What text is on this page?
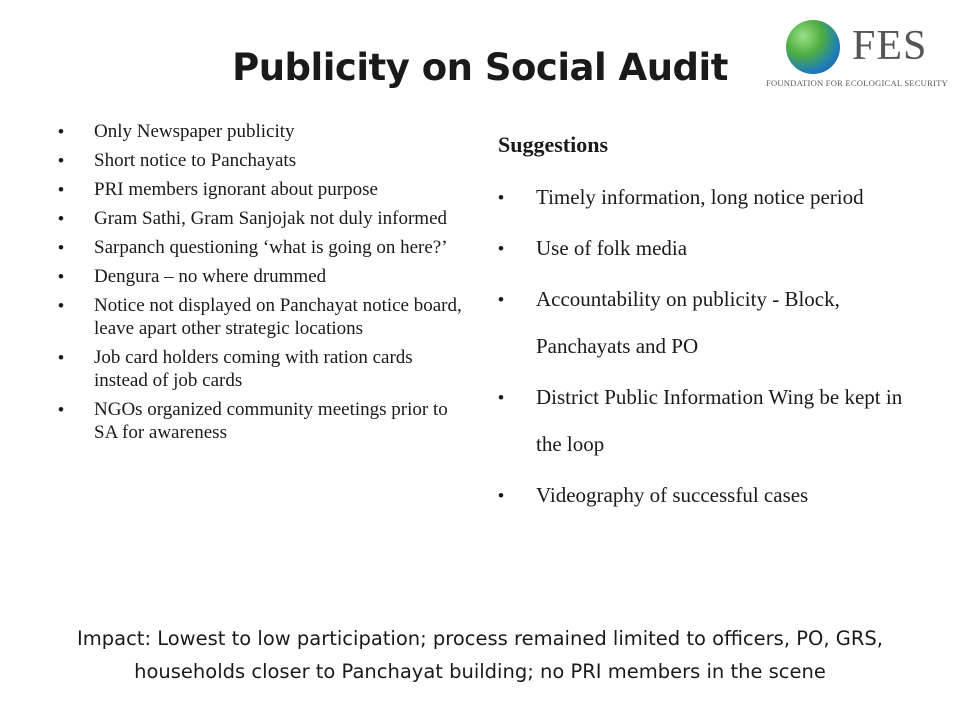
Publicity on Social Audit	FES
FOUNDATION FOR ECOLOGICAL SECURITY
• Only Newspaper publicity
• Short notice to Panchayats
• PRI members ignorant about purpose
• Gram Sathi, Gram Sanjojak not duly informed
• Sarpanch questioning ‘what is going on here?’
• Dengura – no where drummed
• Notice not displayed on Panchayat notice board, leave apart other strategic locations
• Job card holders coming with ration cards instead of job cards
• NGOs organized community meetings prior to SA for awareness
Suggestions
• Timely information, long notice period
• Use of folk media
• Accountability on publicity - Block, Panchayats and PO
• District Public Information Wing be kept in the loop
• Videography of successful cases

Impact: Lowest to low participation; process remained limited to officers, PO, GRS, households closer to Panchayat building; no PRI members in the scene
